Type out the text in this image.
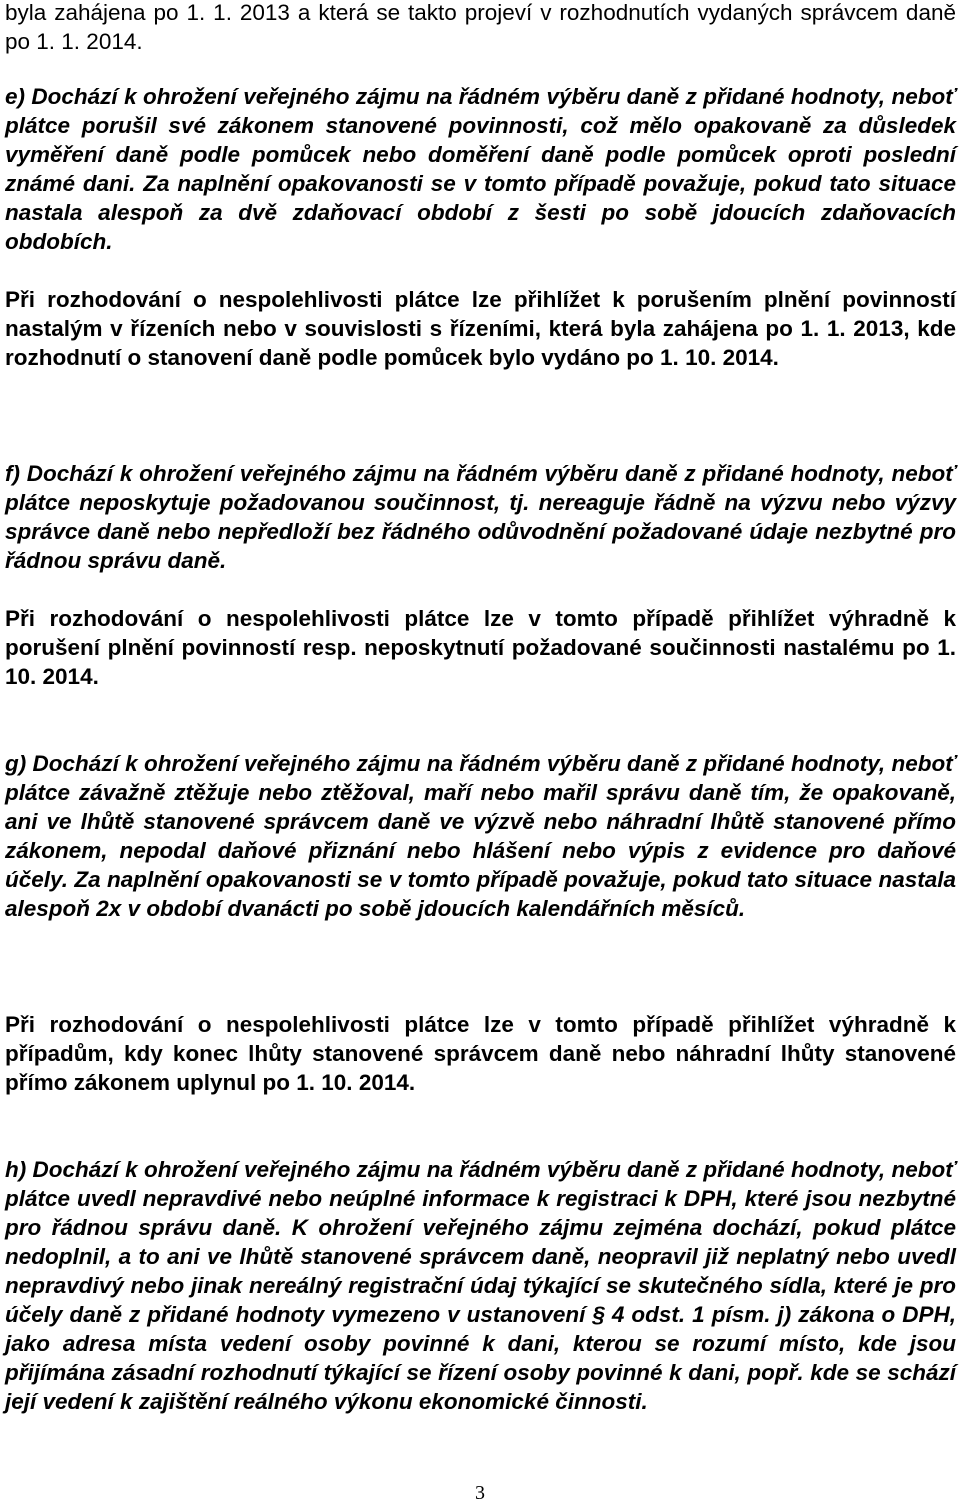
byla zahájena po 1. 1. 2013 a která se takto projeví v rozhodnutích vydaných správcem daně po 1. 1. 2014.

e) Dochází k ohrožení veřejného zájmu na řádném výběru daně z přidané hodnoty, neboť plátce porušil své zákonem stanovené povinnosti, což mělo opakovaně za důsledek vyměření daně podle pomůcek nebo doměření daně podle pomůcek oproti poslední známé dani. Za naplnění opakovanosti se v tomto případě považuje, pokud tato situace nastala alespoň za dvě zdaňovací období z šesti po sobě jdoucích zdaňovacích obdobích.

Při rozhodování o nespolehlivosti plátce lze přihlížet k porušením plnění povinností nastalým v řízeních nebo v souvislosti s řízeními, která byla zahájena po 1. 1. 2013, kde rozhodnutí o stanovení daně podle pomůcek bylo vydáno po 1. 10. 2014.

f) Dochází k ohrožení veřejného zájmu na řádném výběru daně z přidané hodnoty, neboť plátce neposkytuje požadovanou součinnost, tj. nereaguje řádně na výzvu nebo výzvy správce daně nebo nepředloží bez řádného odůvodnění požadované údaje nezbytné pro řádnou správu daně.

Při rozhodování o nespolehlivosti plátce lze v tomto případě přihlížet výhradně k porušení plnění povinností resp. neposkytnutí požadované součinnosti nastalému po 1. 10. 2014.

g) Dochází k ohrožení veřejného zájmu na řádném výběru daně z přidané hodnoty, neboť plátce závažně ztěžuje nebo ztěžoval, maří nebo mařil správu daně tím, že opakovaně, ani ve lhůtě stanovené správcem daně ve výzvě nebo náhradní lhůtě stanovené přímo zákonem, nepodal daňové přiznání nebo hlášení nebo výpis z evidence pro daňové účely. Za naplnění opakovanosti se v tomto případě považuje, pokud tato situace nastala alespoň 2x v období dvanácti po sobě jdoucích kalendářních měsíců.

Při rozhodování o nespolehlivosti plátce lze v tomto případě přihlížet výhradně k případům, kdy konec lhůty stanovené správcem daně nebo náhradní lhůty stanovené přímo zákonem uplynul po 1. 10. 2014.

h) Dochází k ohrožení veřejného zájmu na řádném výběru daně z přidané hodnoty, neboť plátce uvedl nepravdivé nebo neúplné informace k registraci k DPH, které jsou nezbytné pro řádnou správu daně. K ohrožení veřejného zájmu zejména dochází, pokud plátce nedoplnil, a to ani ve lhůtě stanovené správcem daně, neopravil již neplatný nebo uvedl nepravdivý nebo jinak nereálný registrační údaj týkající se skutečného sídla, které je pro účely daně z přidané hodnoty vymezeno v ustanovení § 4 odst. 1 písm. j) zákona o DPH, jako adresa místa vedení osoby povinné k dani, kterou se rozumí místo, kde jsou přijímána zásadní rozhodnutí týkající se řízení osoby povinné k dani, popř. kde se schází její vedení k zajištění reálného výkonu ekonomické činnosti.

3
